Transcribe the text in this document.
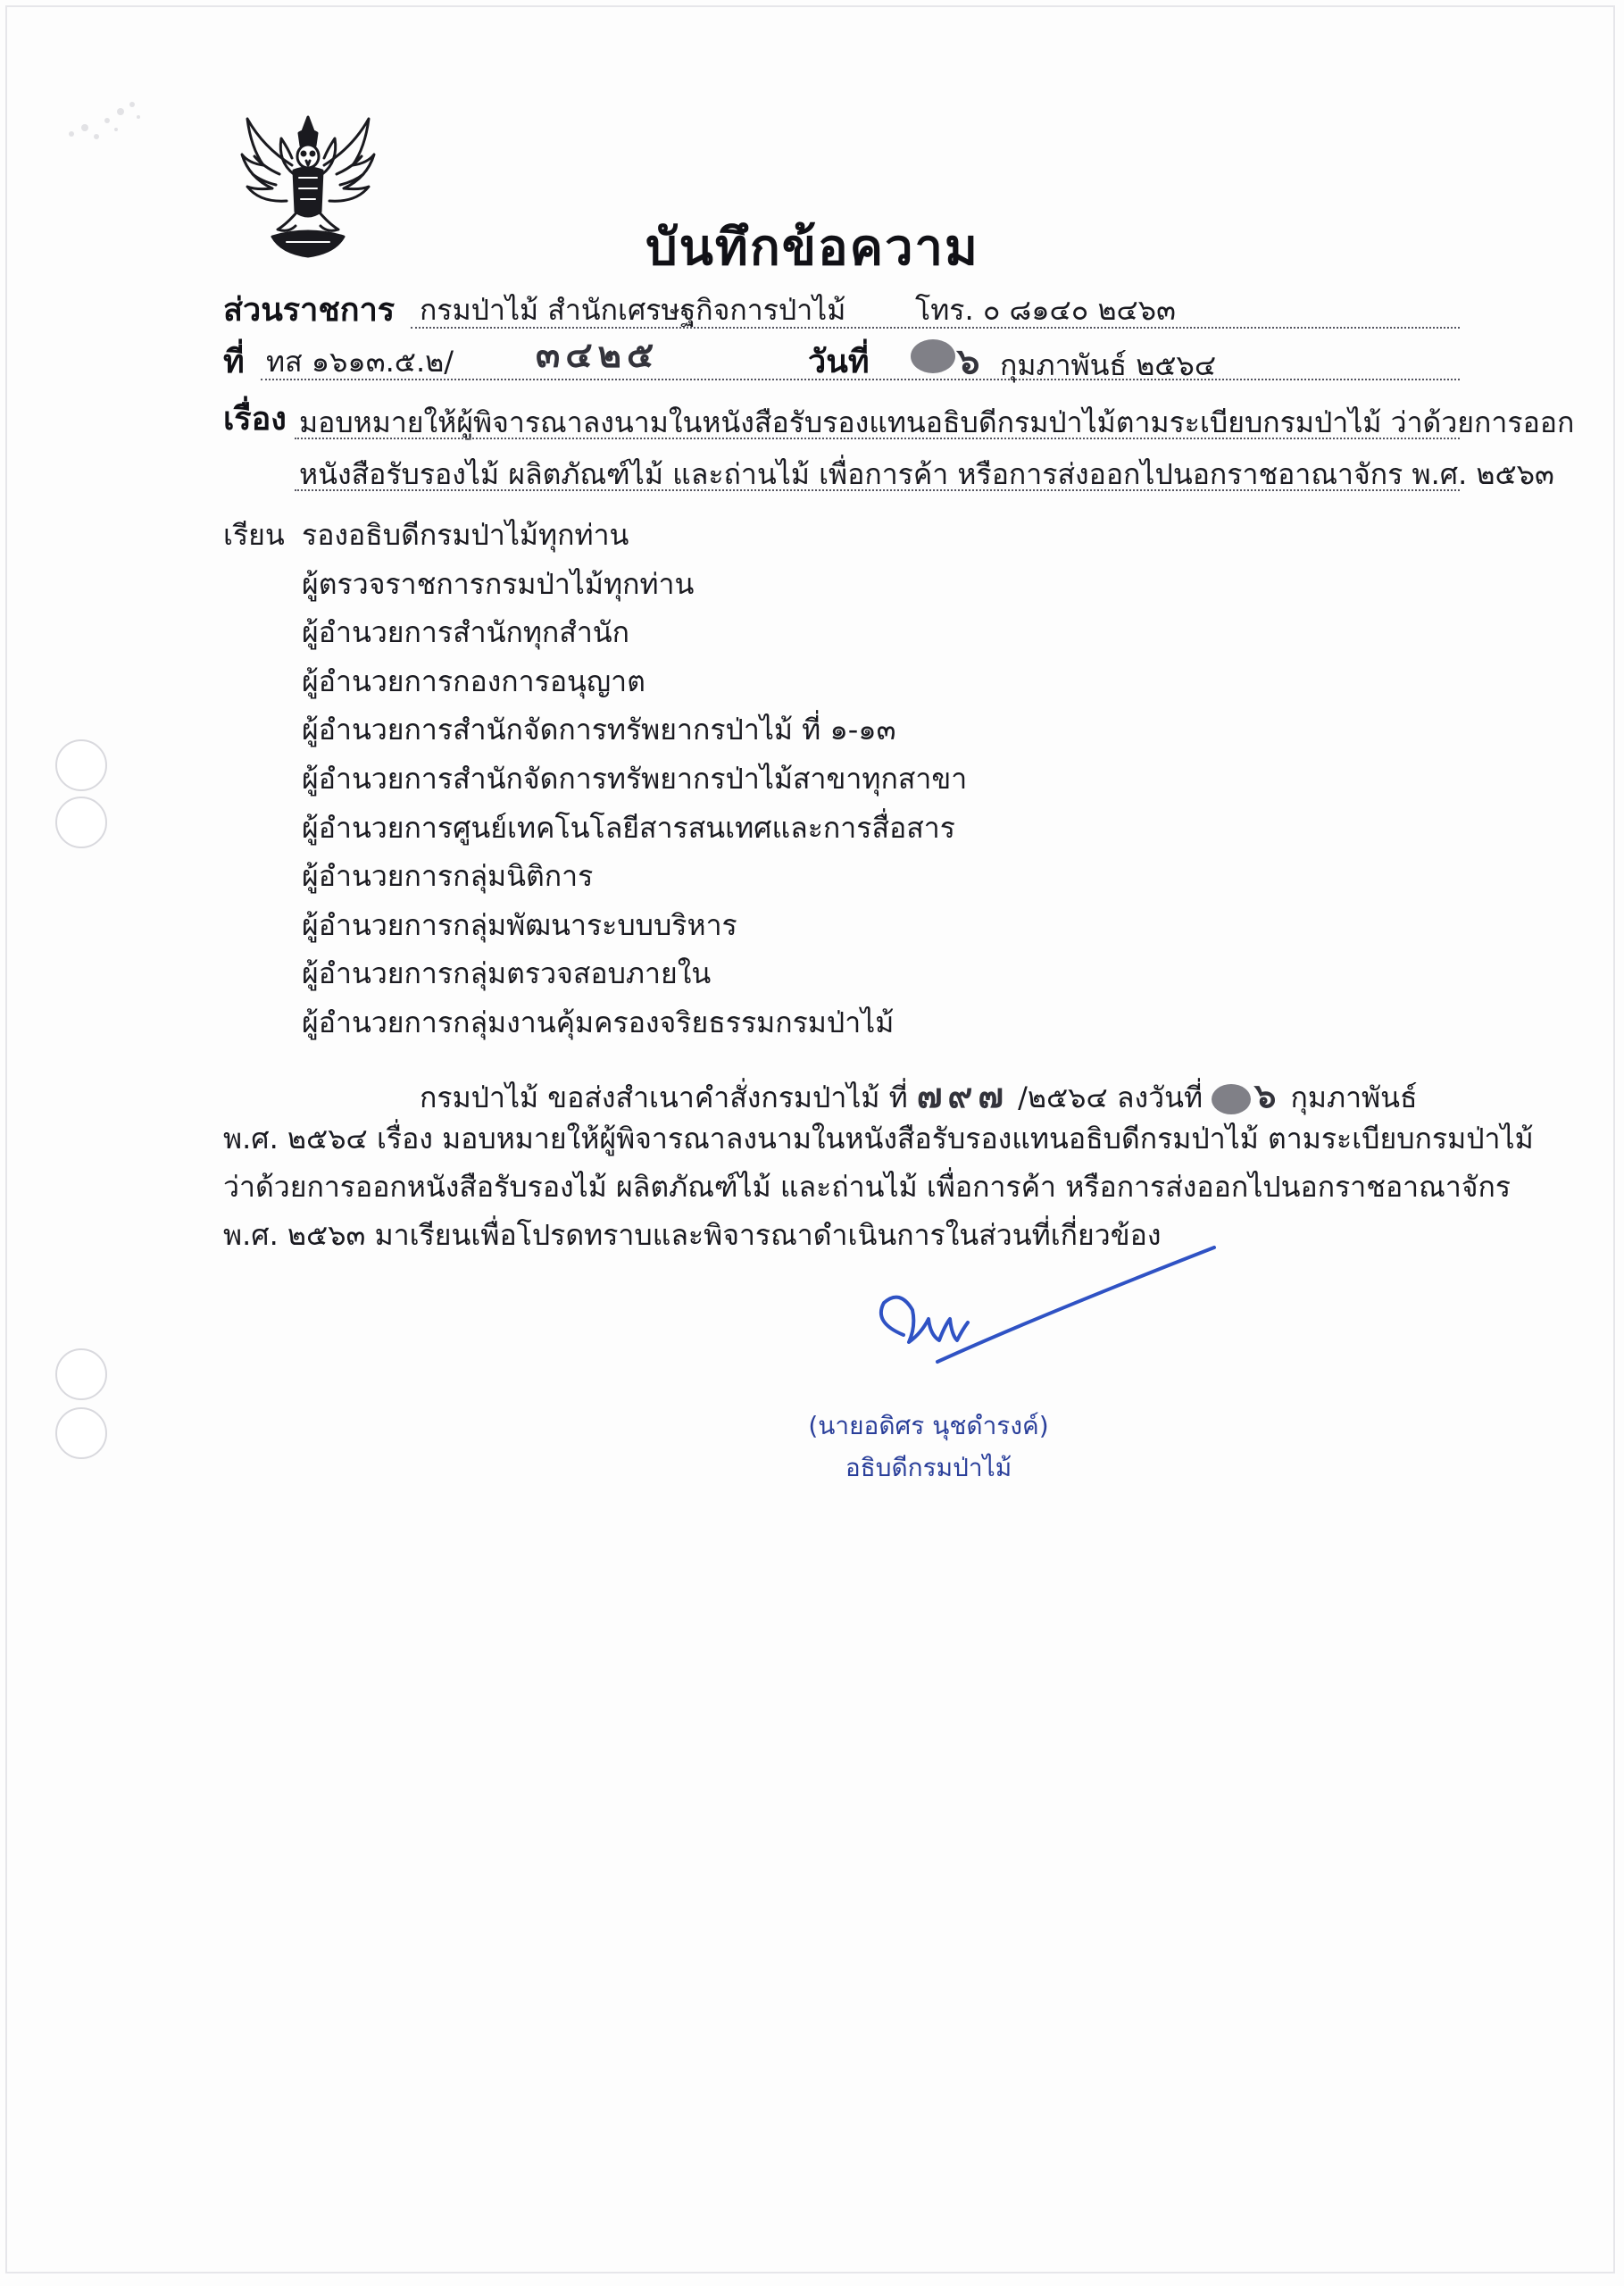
บันทึกข้อความ
ส่วนราชการ กรมป่าไม้ สำนักเศรษฐกิจการป่าไม้ โทร. ๐ ๘๑๔๐ ๒๔๖๓
ที่ ทส ๑๖๑๓.๕.๒/ ๓๔๒๕	วันที่ ๖ กุมภาพันธ์ ๒๕๖๔
เรื่อง มอบหมายให้ผู้พิจารณาลงนามในหนังสือรับรองแทนอธิบดีกรมป่าไม้ตามระเบียบกรมป่าไม้ ว่าด้วยการออก
หนังสือรับรองไม้ ผลิตภัณฑ์ไม้ และถ่านไม้ เพื่อการค้า หรือการส่งออกไปนอกราชอาณาจักร พ.ศ. ๒๕๖๓
เรียน รองอธิบดีกรมป่าไม้ทุกท่าน
ผู้ตรวจราชการกรมป่าไม้ทุกท่าน
ผู้อำนวยการสำนักทุกสำนัก
ผู้อำนวยการกองการอนุญาต
ผู้อำนวยการสำนักจัดการทรัพยากรป่าไม้ ที่ ๑-๑๓
ผู้อำนวยการสำนักจัดการทรัพยากรป่าไม้สาขาทุกสาขา
ผู้อำนวยการศูนย์เทคโนโลยีสารสนเทศและการสื่อสาร
ผู้อำนวยการกลุ่มนิติการ
ผู้อำนวยการกลุ่มพัฒนาระบบบริหาร
ผู้อำนวยการกลุ่มตรวจสอบภายใน
ผู้อำนวยการกลุ่มงานคุ้มครองจริยธรรมกรมป่าไม้
กรมป่าไม้ ขอส่งสำเนาคำสั่งกรมป่าไม้ ที่ ๗๙๗ /๒๕๖๔ ลงวันที่ ๖ กุมภาพันธ์
พ.ศ. ๒๕๖๔ เรื่อง มอบหมายให้ผู้พิจารณาลงนามในหนังสือรับรองแทนอธิบดีกรมป่าไม้ ตามระเบียบกรมป่าไม้
ว่าด้วยการออกหนังสือรับรองไม้ ผลิตภัณฑ์ไม้ และถ่านไม้ เพื่อการค้า หรือการส่งออกไปนอกราชอาณาจักร
พ.ศ. ๒๕๖๓ มาเรียนเพื่อโปรดทราบและพิจารณาดำเนินการในส่วนที่เกี่ยวข้อง
(นายอดิศร นุชดำรงค์)
อธิบดีกรมป่าไม้
